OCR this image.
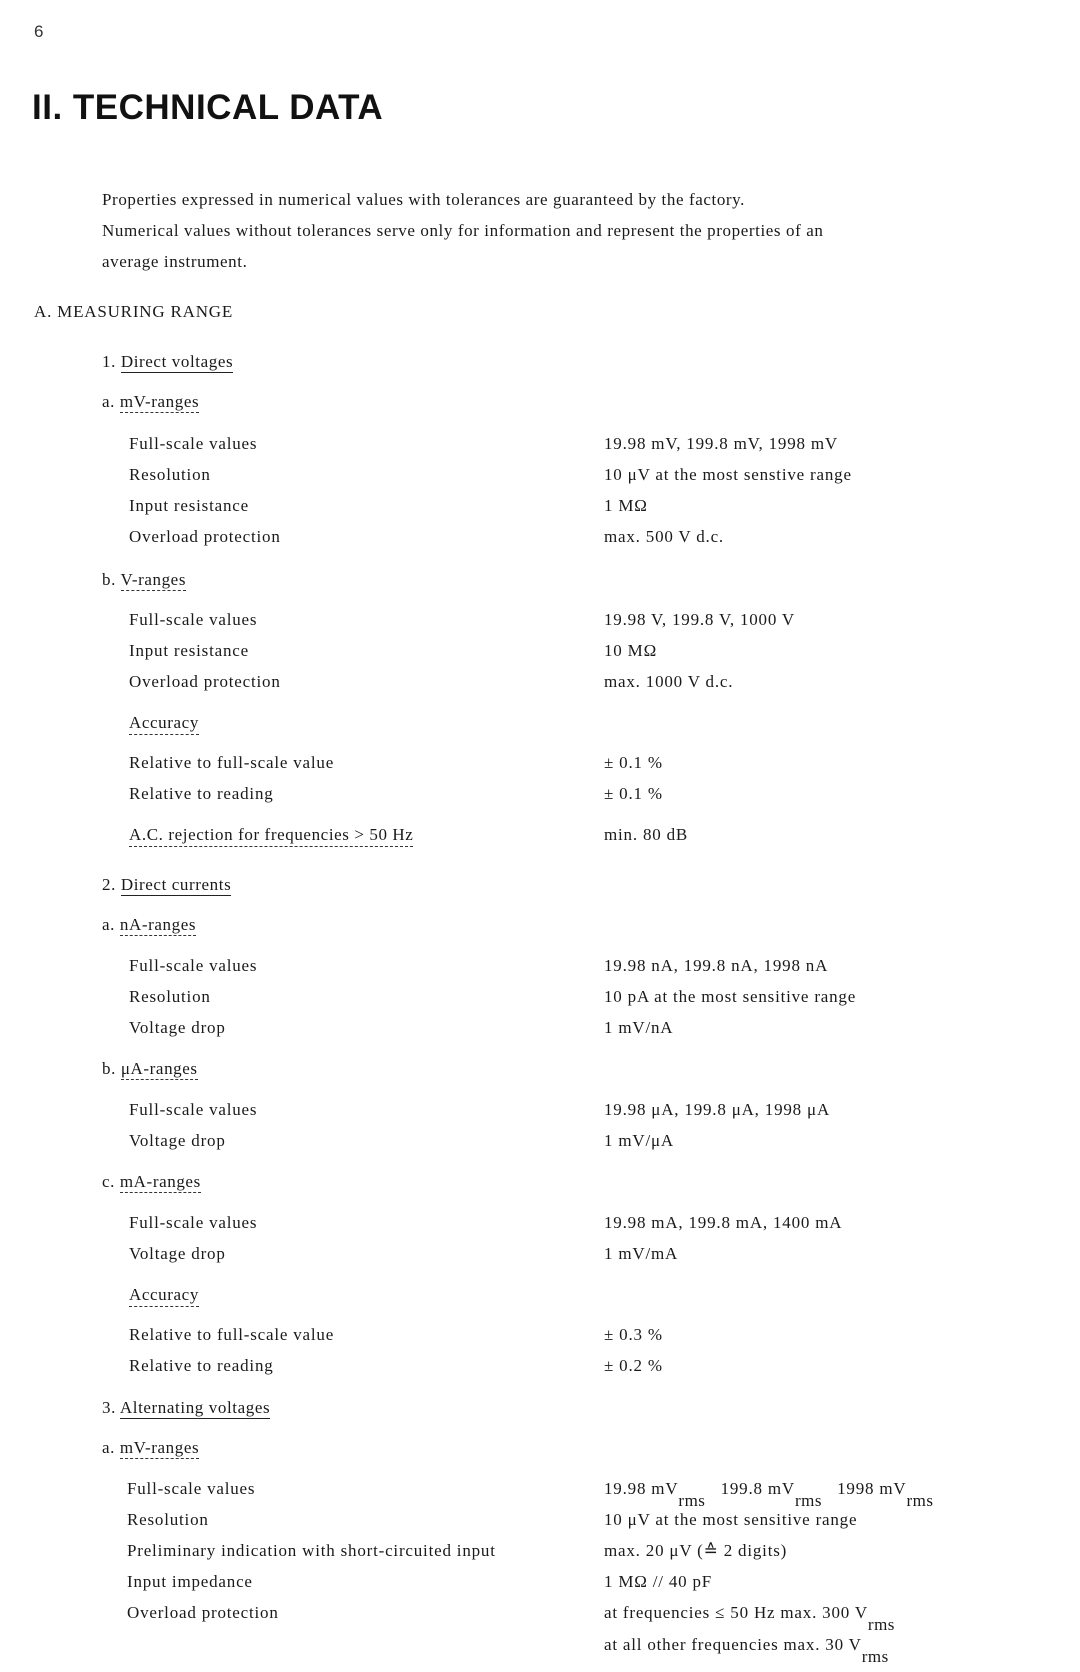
6
II. TECHNICAL DATA
Properties expressed in numerical values with tolerances are guaranteed by the factory.
Numerical values without tolerances serve only for information and represent the properties of an
average instrument.
A. MEASURING RANGE
1. Direct voltages
a. mV-ranges
Full-scale values	19.98 mV, 199.8 mV, 1998 mV
Resolution	10 μV at the most senstive range
Input resistance	1 MΩ
Overload protection	max. 500 V d.c.
b. V-ranges
Full-scale values	19.98 V, 199.8 V, 1000 V
Input resistance	10 MΩ
Overload protection	max. 1000 V d.c.
Accuracy
Relative to full-scale value	± 0.1 %
Relative to reading	± 0.1 %
A.C. rejection for frequencies > 50 Hz	min. 80 dB
2. Direct currents
a. nA-ranges
Full-scale values	19.98 nA, 199.8 nA, 1998 nA
Resolution	10 pA at the most sensitive range
Voltage drop	1 mV/nA
b. μA-ranges
Full-scale values	19.98 μA, 199.8 μA, 1998 μA
Voltage drop	1 mV/μA
c. mA-ranges
Full-scale values	19.98 mA, 199.8 mA, 1400 mA
Voltage drop	1 mV/mA
Accuracy
Relative to full-scale value	± 0.3 %
Relative to reading	± 0.2 %
3. Alternating voltages
a. mV-ranges
Full-scale values	19.98 $mV_{rms}$   199.8 $mV_{rms}$   1998 $mV_{rms}$
Resolution	10 μV at the most sensitive range
Preliminary indication with short-circuited input	max. 20 μV (≙ 2 digits)
Input impedance	1 MΩ // 40 pF
Overload protection	at frequencies ≤ 50 Hz max. 300 $V_{rms}$
at all other frequencies max. 30 $V_{rms}$
